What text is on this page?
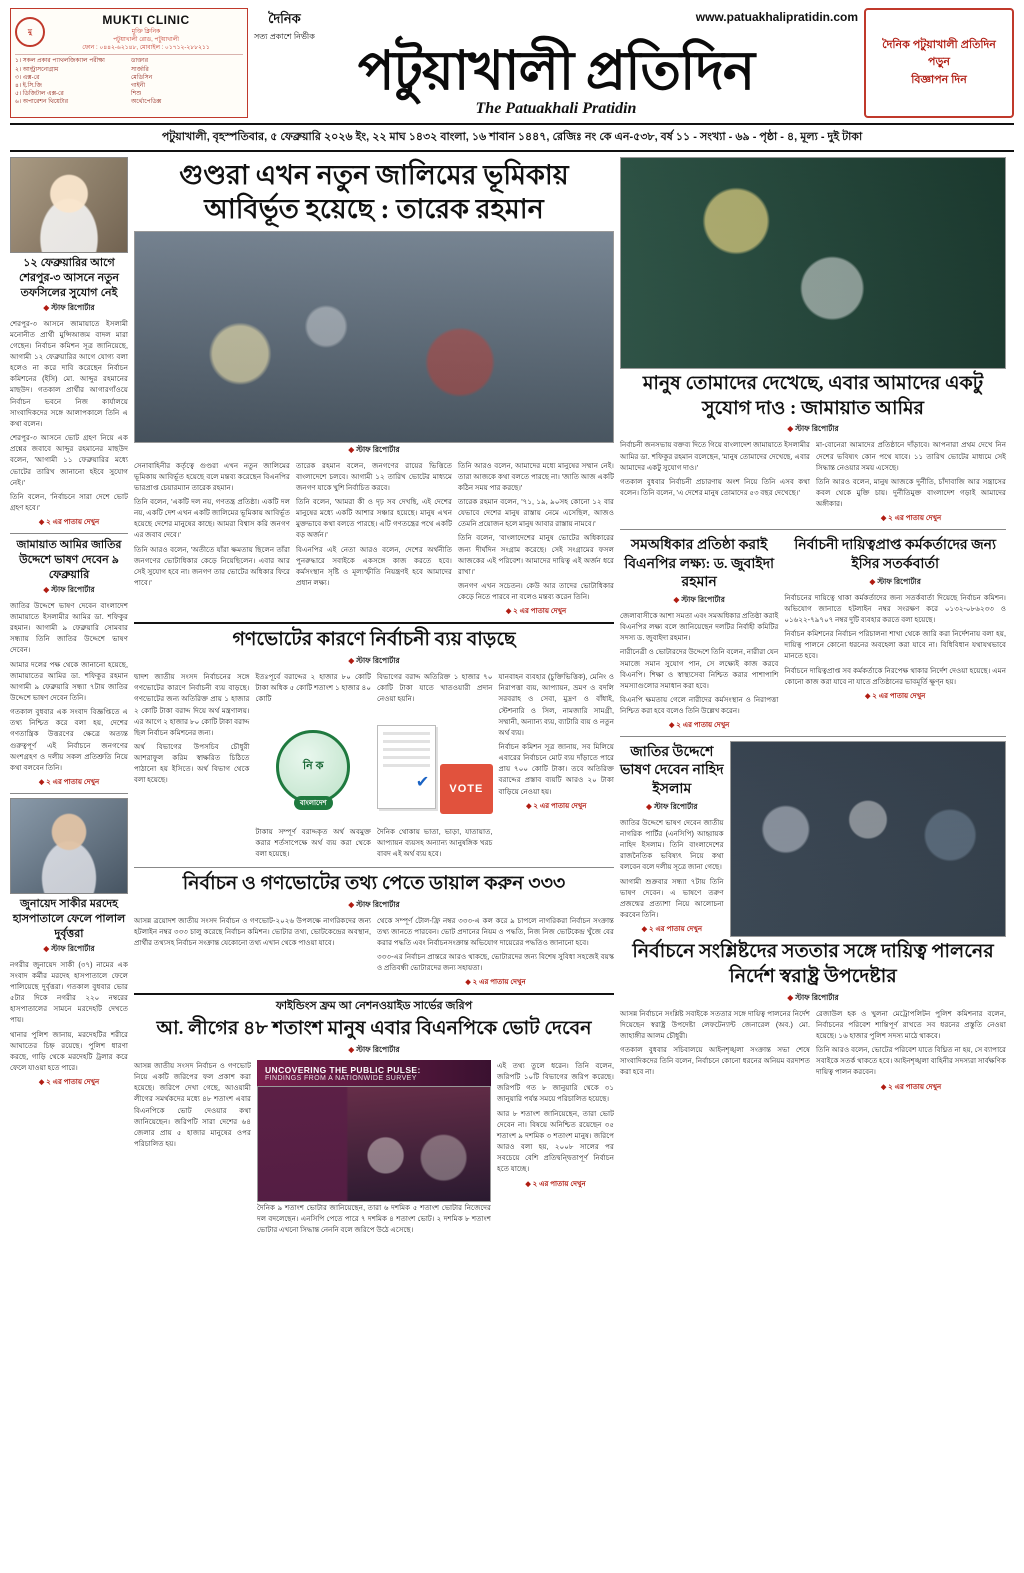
মু
MUKTI CLINIC
মুক্তি ক্লিনিক
পটুয়াখালী রোড, পটুয়াখালী
ফোন : ০৪৪২-৬২১৪৮, মোবাইল : ০১৭১২-২৮৮২১১
১। সকল প্রকার প্যাথলজিক্যাল পরীক্ষা
২। আল্ট্রাসনোগ্রাম
৩। এক্স-রে
৪। ই.সি.জি
৫। ডিজিটাল এক্স-রে
৬। অপারেশন থিয়েটার
ডাক্তার
সার্জারি
মেডিসিন
গাইনী
শিশু
অর্থোপেডিক্স
দৈনিক
সত্য প্রকাশে নির্ভীক
www.patuakhalipratidin.com
পটুয়াখালী প্রতিদিন
The Patuakhali Pratidin
দৈনিক পটুয়াখালী প্রতিদিন
পড়ুন
বিজ্ঞাপন দিন
পটুয়াখালী, বৃহস্পতিবার, ৫ ফেব্রুয়ারি ২০২৬ ইং, ২২ মাঘ ১৪৩২ বাংলা, ১৬ শাবান ১৪৪৭, রেজিঃ নং কে এন-৫৩৮, বর্ষ ১১ - সংখ্যা - ৬৯ - পৃষ্ঠা - ৪, মূল্য - দুই টাকা
১২ ফেব্রুয়ারির আগে শেরপুর-৩ আসনে নতুন তফসিলের সুযোগ নেই
◆ স্টাফ রিপোর্টার

শেরপুর-৩ আসনে জামায়াতে ইসলামী মনোনীত প্রার্থী মুন্সিআজম বাদল মারা গেছেন। নির্বাচন কমিশন সূত্র জানিয়েছে, আগামী ১২ ফেব্রুয়ারির আগে যোগ্য বলা হলেও না করে দাবি করেছেন নির্বাচন কমিশনের (ইসি) মো. আব্দুর রহমানের মাছউদ। গতকাল প্রার্থীর আগারগাঁওয়ে নির্বাচন ভবনে নিজ কার্যালয়ে সাংবাদিকদের সঙ্গে আলাপকালে তিনি এ কথা বলেন।

শেরপুর-৩ আসনে ভোট গ্রহণ নিয়ে এক প্রশ্নের জবাবে আব্দুর রহমানের মাছউদ বলেন, 'আগামী ১১ ফেব্রুয়ারির মধ্যে ভোটের তারিখ জানানো হইবে সুযোগ নেই।'

তিনি বলেন, 'নির্বাচনে সারা দেশে ভোট গ্রহণ হবে।'

◆ ২ এর পাতায় দেখুন
জামায়াত আমির জাতির উদ্দেশে ভাষণ দেবেন ৯ ফেব্রুয়ারি
◆ স্টাফ রিপোর্টার

জাতির উদ্দেশে ভাষণ দেবেন বাংলাদেশ জামায়াতে ইসলামীর আমির ডা. শফিকুর রহমান। আগামী ৯ ফেব্রুয়ারি সোমবার সন্ধ্যায় তিনি জাতির উদ্দেশে ভাষণ দেবেন।

আমার দলের পক্ষ থেকে জানানো হয়েছে, জামায়াতের আমির ডা. শফিকুর রহমান আগামী ৯ ফেব্রুয়ারি সন্ধ্যা ৭টায় জাতির উদ্দেশে ভাষণ দেবেন তিনি।

গতকাল বুধবার এক সংবাদ বিজ্ঞপ্তিতে এ তথ্য নিশ্চিত করে বলা হয়, দেশের গণতান্ত্রিক উত্তরণের ক্ষেত্রে অত্যন্ত গুরুত্বপূর্ণ এই নির্বাচনে জনগণের অংশগ্রহণ ও দলীয় সকল প্রতিশ্রুতি নিয়ে কথা বলবেন তিনি।

◆ ২ এর পাতায় দেখুন
জুনায়েদ সাকীর মরদেহ হাসপাতালে ফেলে পালাল দুর্বৃত্তরা
◆ স্টাফ রিপোর্টার

নগরীর জুনায়েদ সাকী (৩৭) নামের এক সংবাদ কর্মীর মরদেহ হাসপাতালে ফেলে পালিয়েছে দুর্বৃত্তরা। গতকাল বুধবার ভোর ৫টার দিকে নগরীর ২২০ নম্বরের হাসপাতালের সামনে মরদেহটি দেখতে পায়।

থানার পুলিশ জানায়, মরদেহটির শরীরে আঘাতের চিহ্ন রয়েছে। পুলিশ ধারণা করছে, গাড়ি থেকে মরদেহটি ট্রলার করে ফেলে যাওয়া হতে পারে।

◆ ২ এর পাতায় দেখুন
গুণ্ডরা এখন নতুন জালিমের ভূমিকায় আবির্ভূত হয়েছে : তারেক রহমান
◆ স্টাফ রিপোর্টার

সেনাবাহিনীর কর্তৃত্বে গুণ্ডরা এখন নতুন জালিমের ভূমিকায় আবির্ভূত হয়েছে বলে মন্তব্য করেছেন বিএনপির ভারপ্রাপ্ত চেয়ারম্যান তারেক রহমান।

তিনি বলেন, 'একটি দল নয়, গণতন্ত্র প্রতিষ্ঠা। একটি দল নয়, একটি দেশ এখন একটি জালিমের ভূমিকায় আবির্ভূত হয়েছে দেশের মানুষের কাছে। আমরা বিশ্বাস করি জনগণ এর জবাব দেবে।'

তিনি আরও বলেন, 'অতীতে যাঁরা ক্ষমতায় ছিলেন তাঁরা জনগণের ভোটাধিকার কেড়ে নিয়েছিলেন। এবার আর সেই সুযোগ হবে না। জনগণ তার ভোটের অধিকার ফিরে পাবে।'

তারেক রহমান বলেন, জনগণের রায়ের ভিত্তিতে বাংলাদেশে চলবে। আগামী ১২ তারিখ ভোটের মাধ্যমে জনগণ যাকে খুশি নির্বাচিত করবে।

তিনি বলেন, 'আমরা কী ও দৃঢ় সব দেখছি, এই দেশের মানুষের মধ্যে একটি আশার সঞ্চার হয়েছে। মানুষ এখন মুক্তভাবে কথা বলতে পারছে। এটি গণতন্ত্রের পথে একটি বড় অর্জন।'

বিএনপির এই নেতা আরও বলেন, দেশের অর্থনীতি পুনরুদ্ধারে সবাইকে একসঙ্গে কাজ করতে হবে। কর্মসংস্থান সৃষ্টি ও মূল্যস্ফীতি নিয়ন্ত্রণই হবে আমাদের প্রধান লক্ষ্য।

তিনি আরও বলেন, আমাদের মধ্যে মানুষের সম্মান নেই। তারা আজকে কথা বলতে পারছে না। 'জাতি আজ একটি কঠিন সময় পার করছে।'

তারেক রহমান বলেন, '৭১, ১৯, ৯০সহ কোনো ১২ বার যেভাবে দেশের মানুষ রাস্তায় নেমে এসেছিল, আজও তেমনি প্রয়োজন হলে মানুষ আবার রাস্তায় নামবে।'

তিনি বলেন, 'বাংলাদেশের মানুষ ভোটের অধিকারের জন্য দীর্ঘদিন সংগ্রাম করেছে। সেই সংগ্রামের ফসল আজকের এই পরিবেশ। আমাদের দায়িত্ব এই অর্জন ধরে রাখা।'

জনগণ এখন সচেতন। কেউ আর তাদের ভোটাধিকার কেড়ে নিতে পারবে না বলেও মন্তব্য করেন তিনি।

◆ ২ এর পাতায় দেখুন
গণভোটের কারণে নির্বাচনী ব্যয় বাড়ছে
◆ স্টাফ রিপোর্টার

দ্বাদশ জাতীয় সংসদ নির্বাচনের সঙ্গে গণভোটের কারণে নির্বাচনী ব্যয় বাড়ছে। গণভোটের জন্য অতিরিক্ত প্রায় ১ হাজার ২ কোটি টাকা বরাদ্দ দিয়ে অর্থ মন্ত্রণালয়। এর আগে ২ হাজার ৮০ কোটি টাকা বরাদ্দ ছিল নির্বাচন কমিশনের জন্য।

অর্থ বিভাগের উপসচিব চৌধুরী আশরাফুল করিম স্বাক্ষরিত চিঠিতে পাঠানো হয় ইসিতে। অর্থ বিভাগ থেকে বলা হয়েছে।

ইতঃপূর্বে বরাদ্দের ২ হাজার ৮০ কোটি টাকা অধিক ৫ কোটি শতাংশ ১ হাজার ৪০ কোটি

নি ক
বাংলাদেশ

টাকায় সম্পূর্ণ বরাদ্দকৃত অর্থ অবমুক্ত করার শর্তসাপেক্ষে অর্থ ব্যয় করা থেকে বলা হয়েছে।

বিভাগের বরাদ্দ অতিরিক্ত ১ হাজার ৭০ কোটি টাকা যাতে খাতওয়ারী প্রদান নেওয়া হয়নি।

✔	VOTE

দৈনিক থোকায় ভাতা, ভাড়া, যাতায়াত, আপ্যায়ন ব্যয়সহ অন্যান্য আনুষঙ্গিক খরচ বাবদ এই অর্থ ব্যয় হবে।

যানবাহন ব্যবহার (চুক্তিভিত্তিক), মেনিং ও নিরাপত্তা ব্যয়, আপ্যায়ন, ভ্রমণ ও বদলি সরবরাহ ও সেবা, মুদ্রণ ও বাঁধাই, স্টেশনারি ও সিল, নামজারি সামগ্রী, সম্মানী, অন্যান্য ব্যয়, ব্যাটারি ব্যয় ও নতুন অর্থ ব্যয়।

নির্বাচন কমিশন সূত্র জানায়, সব মিলিয়ে এবারের নির্বাচনে মোট ব্যয় দাঁড়াতে পারে প্রায় ৭০০ কোটি টাকা। তবে অতিরিক্ত বরাদ্দের প্রস্তাব ব্যয়টি আরও ২০ টাকা বাড়িয়ে নেওয়া হয়।

◆ ২ এর পাতায় দেখুন
নির্বাচন ও গণভোটের তথ্য পেতে ডায়াল করুন ৩৩৩
◆ স্টাফ রিপোর্টার

আসন্ন ত্রয়োদশ জাতীয় সংসদ নির্বাচন ও গণভোট-২০২৬ উপলক্ষে নাগরিকদের জন্য হটলাইন নম্বর ৩৩৩ চালু করেছে নির্বাচন কমিশন। ভোটার তথ্য, ভোটকেন্দ্রের অবস্থান, প্রার্থীর তথ্যসহ নির্বাচন সংক্রান্ত যেকোনো তথ্য এখান থেকে পাওয়া যাবে।

থেকে সম্পূর্ণ টোল-ফ্রি নম্বর ৩৩৩-এ কল করে ৯ চাপলে নাগরিকরা নির্বাচন সংক্রান্ত তথ্য জানতে পারবেন। ভোট প্রদানের নিয়ম ও পদ্ধতি, নিজ নিজ ভোটকেন্দ্র খুঁজে বের করার পদ্ধতি এবং নির্বাচনসংক্রান্ত অভিযোগ দায়েরের পদ্ধতিও জানানো হবে।

৩৩৩-এর নির্বাচন প্রান্তরে আরও থাকছে, ভোটারদের জন্য বিশেষ সুবিধা সহজেই বয়স্ক ও প্রতিবন্ধী ভোটারদের জন্য সহায়তা।

◆ ২ এর পাতায় দেখুন
ফাইন্ডিংস ফ্রম আ নেশনওয়াইড সার্ভের জরিপ
আ. লীগের ৪৮ শতাংশ মানুষ এবার বিএনপিকে ভোট দেবেন
◆ স্টাফ রিপোর্টার

আসন্ন জাতীয় সংসদ নির্বাচন ও গণভোট নিয়ে একটি জরিপের ফল প্রকাশ করা হয়েছে। জরিপে দেখা গেছে, আওয়ামী লীগের সমর্থকদের মধ্যে ৪৮ শতাংশ এবার বিএনপিকে ভোট দেওয়ার কথা জানিয়েছেন। জরিপটি সারা দেশের ৬৪ জেলার প্রায় ৫ হাজার মানুষের ওপর পরিচালিত হয়।

UNCOVERING THE PUBLIC PULSE:
FINDINGS FROM A NATIONWIDE SURVEY

দৈনিক ৯ শতাংশ ভোটার জানিয়েছেন, তারা ৬ দশমিক ৫ শতাংশ ভোটার নিজেদের দল বদলেছেন। এনসিপি পেতে পারে ৭ দশমিক ৪ শতাংশ ভোট। ২ দশমিক ৮ শতাংশ ভোটার এখনো সিদ্ধান্ত নেননি বলে জরিপে উঠে এসেছে।

এই তথ্য তুলে ধরেন। তিনি বলেন, জরিপটি ১০টি বিভাগের জরিপ করেছে। জরিপটি গত ৮ জানুয়ারি থেকে ৩১ জানুয়ারি পর্যন্ত সময়ে পরিচালিত হয়েছে।

আর ৮ শতাংশ জানিয়েছেন, তারা ভোট দেবেন না। বিষয়ে অনিশ্চিত রয়েছেন ৩৫ শতাংশ ৯ দশমিক ৩ শতাংশ মানুষ। জরিপে আরও বলা হয়, ২০০৮ সালের পর সবচেয়ে বেশি প্রতিদ্বন্দ্বিতাপূর্ণ নির্বাচন হতে যাচ্ছে।

◆ ২ এর পাতায় দেখুন
মানুষ তোমাদের দেখেছে, এবার আমাদের একটু সুযোগ দাও : জামায়াত আমির
◆ স্টাফ রিপোর্টার

নির্বাচনী জনসভায় বক্তব্য দিতে গিয়ে বাংলাদেশ জামায়াতে ইসলামীর আমির ডা. শফিকুর রহমান বলেছেন, 'মানুষ তোমাদের দেখেছে, এবার আমাদের একটু সুযোগ দাও।'

গতকাল বুধবার নির্বাচনী প্রচারণায় অংশ নিয়ে তিনি এসব কথা বলেন। তিনি বলেন, 'এ দেশের মানুষ তোমাদের ৫৩ বছর দেখেছে।'

মা-বোনেরা আমাদের প্রতিষ্ঠানে দাঁড়াবে। আপনারা প্রথম দেখে নিন দেশের ভবিষ্যৎ কোন পথে যাবে। ১১ তারিখ ভোটের মাধ্যমে সেই সিদ্ধান্ত নেওয়ার সময় এসেছে।

তিনি আরও বলেন, মানুষ আজকে দুর্নীতি, চাঁদাবাজি আর সন্ত্রাসের কবল থেকে মুক্তি চায়। দুর্নীতিমুক্ত বাংলাদেশ গড়াই আমাদের অঙ্গীকার।

◆ ২ এর পাতায় দেখুন
সমঅধিকার প্রতিষ্ঠা করাই বিএনপির লক্ষ্য: ড. জুবাইদা রহমান
◆ স্টাফ রিপোর্টার

জেলাবাসীকে আশা সমতা এবং সমঅধিকার প্রতিষ্ঠা করাই বিএনপির লক্ষ্য বলে জানিয়েছেন দলটির নির্বাহী কমিটির সদস্য ড. জুবাইদা রহমান।

নারীনেত্রী ও ভোটারদের উদ্দেশে তিনি বলেন, নারীরা যেন সমাজে সমান সুযোগ পান, সে লক্ষ্যেই কাজ করবে বিএনপি। শিক্ষা ও স্বাস্থ্যসেবা নিশ্চিত করার পাশাপাশি সমস্যাগুলোর সমাধান করা হবে।

বিএনপি ক্ষমতায় গেলে নারীদের কর্মসংস্থান ও নিরাপত্তা নিশ্চিত করা হবে বলেও তিনি উল্লেখ করেন।

◆ ২ এর পাতায় দেখুন
নির্বাচনী দায়িত্বপ্রাপ্ত কর্মকর্তাদের জন্য ইসির সতর্কবার্তা
◆ স্টাফ রিপোর্টার

নির্বাচনের দায়িত্বে থাকা কর্মকর্তাদের জন্য সতর্কবার্তা দিয়েছে নির্বাচন কমিশন। অভিযোগ জানাতে হটলাইন নম্বর সংরক্ষণ করে ০১৩২-০৮৬২৩৩ ও ০১৬২২-৭৯৭০৭ নম্বর দুটি ব্যবহার করতে বলা হয়েছে।

নির্বাচন কমিশনের নির্বাচন পরিচালনা শাখা থেকে জারি করা নির্দেশনায় বলা হয়, দায়িত্ব পালনে কোনো ধরনের অবহেলা করা যাবে না। বিধিবিধান যথাযথভাবে মানতে হবে।

নির্বাচনে দায়িত্বপ্রাপ্ত সব কর্মকর্তাকে নিরপেক্ষ থাকার নির্দেশ দেওয়া হয়েছে। এমন কোনো কাজ করা যাবে না যাতে প্রতিষ্ঠানের ভাবমূর্তি ক্ষুণ্ন হয়।

◆ ২ এর পাতায় দেখুন
জাতির উদ্দেশে ভাষণ দেবেন নাহিদ ইসলাম
◆ স্টাফ রিপোর্টার

জাতির উদ্দেশে ভাষণ দেবেন জাতীয় নাগরিক পার্টির (এনসিপি) আহ্বায়ক নাহিদ ইসলাম। তিনি বাংলাদেশের রাজনৈতিক ভবিষ্যৎ নিয়ে কথা বলবেন বলে দলীয় সূত্রে জানা গেছে।

আগামী শুক্রবার সন্ধ্যা ৭টায় তিনি ভাষণ দেবেন। এ ভাষণে তরুণ প্রজন্মের প্রত্যাশা নিয়ে আলোচনা করবেন তিনি।

◆ ২ এর পাতায় দেখুন
নির্বাচনে সংশ্লিষ্টদের সততার সঙ্গে দায়িত্ব পালনের নির্দেশ স্বরাষ্ট্র উপদেষ্টার
◆ স্টাফ রিপোর্টার

আসন্ন নির্বাচনে সংশ্লিষ্ট সবাইকে সততার সঙ্গে দায়িত্ব পালনের নির্দেশ দিয়েছেন স্বরাষ্ট্র উপদেষ্টা লেফটেন্যান্ট জেনারেল (অব.) মো. জাহাঙ্গীর আলম চৌধুরী।

গতকাল বুধবার সচিবালয়ে আইনশৃঙ্খলা সংক্রান্ত সভা শেষে সাংবাদিকদের তিনি বলেন, নির্বাচনে কোনো ধরনের অনিয়ম বরদাশত করা হবে না।

রেজাউল হক ও খুলনা মেট্রোপলিটন পুলিশ কমিশনার বলেন, নির্বাচনের পরিবেশ শান্তিপূর্ণ রাখতে সব ধরনের প্রস্তুতি নেওয়া হয়েছে। ১৬ হাজার পুলিশ সদস্য মাঠে থাকবে।

তিনি আরও বলেন, ভোটের পরিবেশ যাতে বিঘ্নিত না হয়, সে ব্যাপারে সবাইকে সতর্ক থাকতে হবে। আইনশৃঙ্খলা বাহিনীর সদস্যরা সার্বক্ষণিক দায়িত্ব পালন করবেন।

◆ ২ এর পাতায় দেখুন
